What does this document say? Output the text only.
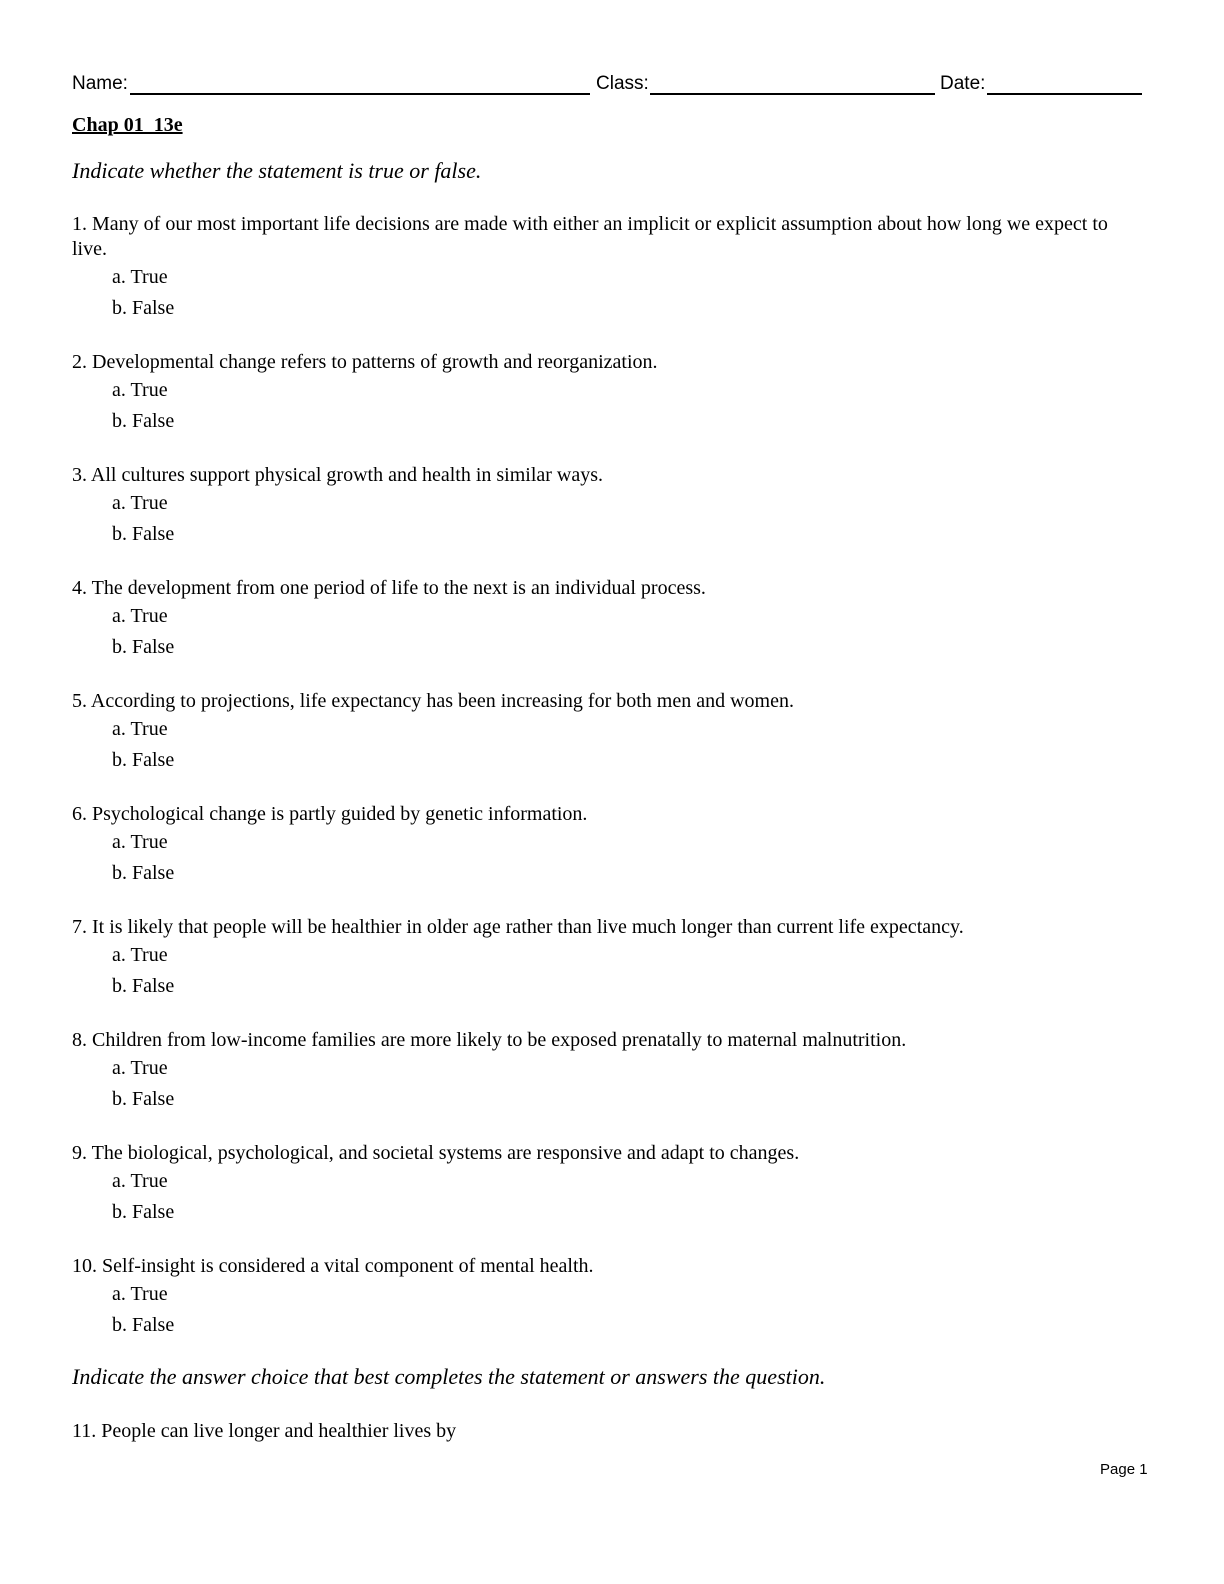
Name:	Class:	Date:
Chap 01_13e
Indicate whether the statement is true or false.

1. Many of our most important life decisions are made with either an implicit or explicit assumption about how long we expect to live.

a. True
b. False

2. Developmental change refers to patterns of growth and reorganization.

a. True
b. False

3. All cultures support physical growth and health in similar ways.

a. True
b. False

4. The development from one period of life to the next is an individual process.

a. True
b. False

5. According to projections, life expectancy has been increasing for both men and women.

a. True
b. False

6. Psychological change is partly guided by genetic information.

a. True
b. False

7. It is likely that people will be healthier in older age rather than live much longer than current life expectancy.

a. True
b. False

8. Children from low-income families are more likely to be exposed prenatally to maternal malnutrition.

a. True
b. False

9. The biological, psychological, and societal systems are responsive and adapt to changes.

a. True
b. False

10. Self-insight is considered a vital component of mental health.

a. True
b. False
Indicate the answer choice that best completes the statement or answers the question.
11. People can live longer and healthier lives by
Page 1
